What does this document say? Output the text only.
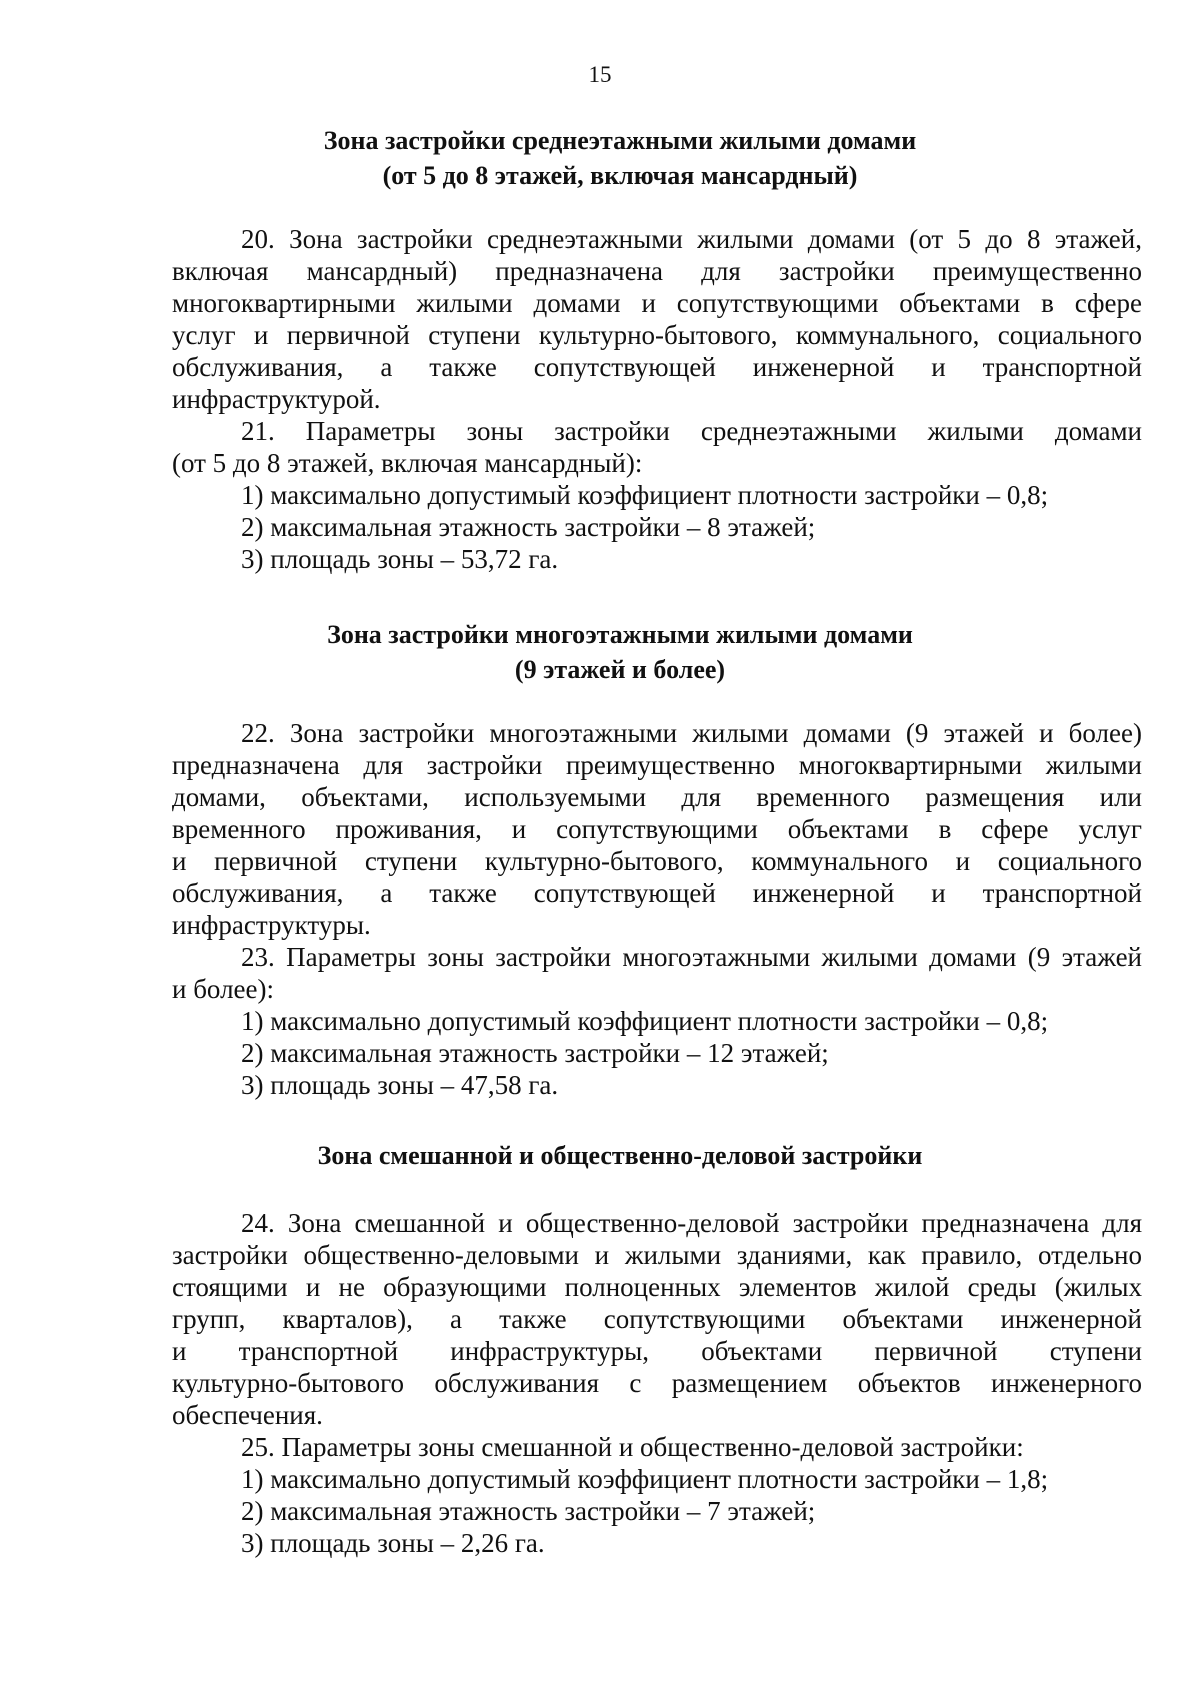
15
Зона застройки среднеэтажными жилыми домами
(от 5 до 8 этажей, включая мансардный)
20. Зона застройки среднеэтажными жилыми домами (от 5 до 8 этажей,
включая мансардный) предназначена для застройки преимущественно
многоквартирными жилыми домами и сопутствующими объектами в сфере
услуг и первичной ступени культурно-бытового, коммунального, социального
обслуживания, а также сопутствующей инженерной и транспортной
инфраструктурой.
21. Параметры зоны застройки среднеэтажными жилыми домами
(от 5 до 8 этажей, включая мансардный):
1) максимально допустимый коэффициент плотности застройки – 0,8;
2) максимальная этажность застройки – 8 этажей;
3) площадь зоны – 53,72 га.
Зона застройки многоэтажными жилыми домами
(9 этажей и более)
22. Зона застройки многоэтажными жилыми домами (9 этажей и более)
предназначена для застройки преимущественно многоквартирными жилыми
домами, объектами, используемыми для временного размещения или
временного проживания, и сопутствующими объектами в сфере услуг
и первичной ступени культурно-бытового, коммунального и социального
обслуживания, а также сопутствующей инженерной и транспортной
инфраструктуры.
23. Параметры зоны застройки многоэтажными жилыми домами (9 этажей
и более):
1) максимально допустимый коэффициент плотности застройки – 0,8;
2) максимальная этажность застройки – 12 этажей;
3) площадь зоны – 47,58 га.
Зона смешанной и общественно-деловой застройки
24. Зона смешанной и общественно-деловой застройки предназначена для
застройки общественно-деловыми и жилыми зданиями, как правило, отдельно
стоящими и не образующими полноценных элементов жилой среды (жилых
групп, кварталов), а также сопутствующими объектами инженерной
и транспортной инфраструктуры, объектами первичной ступени
культурно-бытового обслуживания с размещением объектов инженерного
обеспечения.
25. Параметры зоны смешанной и общественно-деловой застройки:
1) максимально допустимый коэффициент плотности застройки – 1,8;
2) максимальная этажность застройки – 7 этажей;
3) площадь зоны – 2,26 га.
